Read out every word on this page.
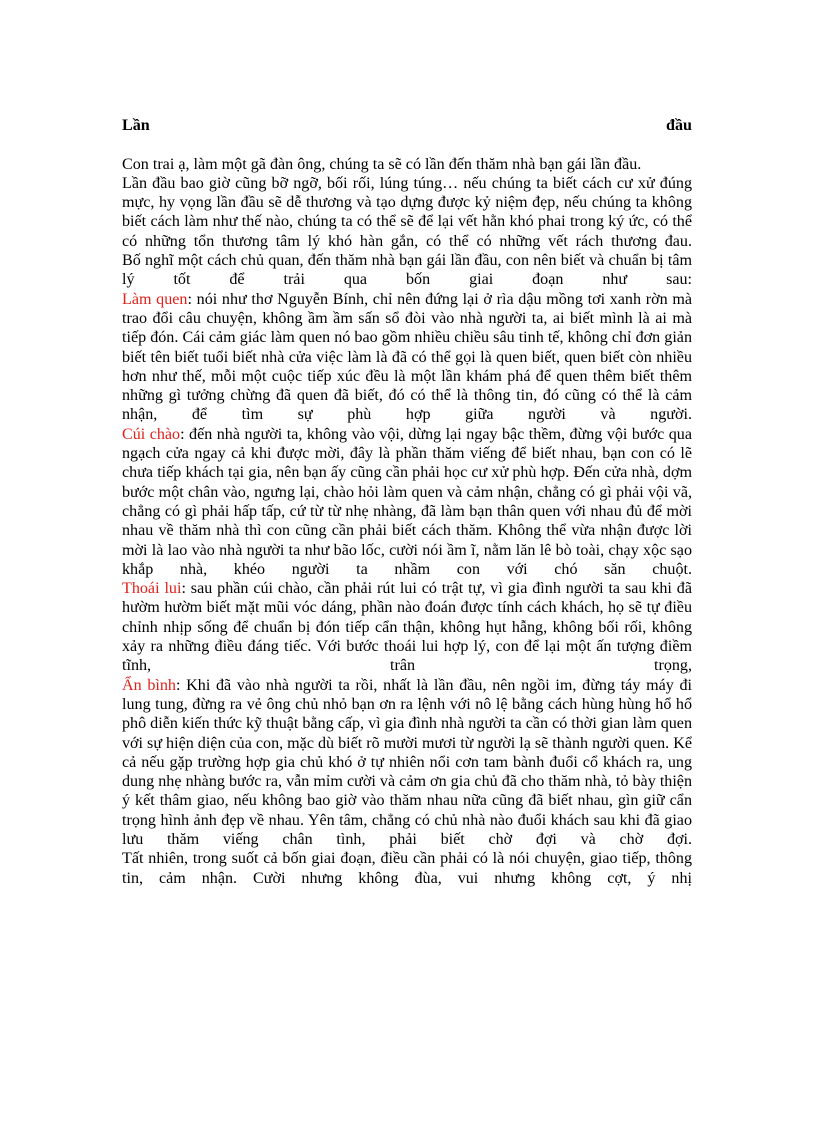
Lần	đầu

Con trai ạ, làm một gã đàn ông, chúng ta sẽ có lần đến thăm nhà bạn gái lần đầu.

Lần đầu bao giờ cũng bỡ ngỡ, bối rối, lúng túng… nếu chúng ta biết cách cư xử đúng mực, hy vọng lần đầu sẽ dễ thương và tạo dựng được kỷ niệm đẹp, nếu chúng ta không biết cách làm như thế nào, chúng ta có thể sẽ để lại vết hằn khó phai trong ký ức, có thể có những tổn thương tâm lý khó hàn gắn, có thể có những vết rách thương đau.

Bố nghĩ một cách chủ quan, đến thăm nhà bạn gái lần đầu, con nên biết và chuẩn bị tâm lý tốt để trải qua bốn giai đoạn như sau:

Làm quen: nói như thơ Nguyễn Bính, chỉ nên đứng lại ở rìa dậu mồng tơi xanh rờn mà trao đổi câu chuyện, không ầm ầm sấn sổ đòi vào nhà người ta, ai biết mình là ai mà tiếp đón. Cái cảm giác làm quen nó bao gồm nhiều chiều sâu tinh tế, không chỉ đơn giản biết tên biết tuổi biết nhà cửa việc làm là đã có thể gọi là quen biết, quen biết còn nhiều hơn như thế, mỗi một cuộc tiếp xúc đều là một lần khám phá để quen thêm biết thêm những gì tưởng chừng đã quen đã biết, đó có thể là thông tin, đó cũng có thể là cảm nhận, để tìm sự phù hợp giữa người và người.

Cúi chào: đến nhà người ta, không vào vội, dừng lại ngay bậc thềm, đừng vội bước qua ngạch cửa ngay cả khi được mời, đây là phần thăm viếng để biết nhau, bạn con có lẽ chưa tiếp khách tại gia, nên bạn ấy cũng cần phải học cư xử phù hợp. Đến cửa nhà, dợm bước một chân vào, ngưng lại, chào hỏi làm quen và cảm nhận, chẳng có gì phải vội vã, chẳng có gì phải hấp tấp, cứ từ từ nhẹ nhàng, đã làm bạn thân quen với nhau đủ để mời nhau về thăm nhà thì con cũng cần phải biết cách thăm. Không thể vừa nhận được lời mời là lao vào nhà người ta như bão lốc, cười nói ầm ĩ, nằm lăn lê bò toài, chạy xộc sạo khắp nhà, khéo người ta nhầm con với chó săn chuột.

Thoái lui: sau phần cúi chào, cần phải rút lui có trật tự, vì gia đình người ta sau khi đã hườm hườm biết mặt mũi vóc dáng, phần nào đoán được tính cách khách, họ sẽ tự điều chỉnh nhịp sống để chuẩn bị đón tiếp cẩn thận, không hụt hẫng, không bối rối, không xảy ra những điều đáng tiếc. Với bước thoái lui hợp lý, con để lại một ấn tượng điềm tĩnh, trân trọng,

Ẩn bình: Khi đã vào nhà người ta rồi, nhất là lần đầu, nên ngồi im, đừng táy máy đi lung tung, đừng ra vẻ ông chủ nhỏ bạn ơn ra lệnh với nô lệ bằng cách hùng hùng hổ hổ phô diễn kiến thức kỹ thuật bằng cấp, vì gia đình nhà người ta cần có thời gian làm quen với sự hiện diện của con, mặc dù biết rõ mười mươi từ người lạ sẽ thành người quen. Kể cả nếu gặp trường hợp gia chủ khó ở tự nhiên nổi cơn tam bành đuổi cổ khách ra, ung dung nhẹ nhàng bước ra, vẫn mỉm cười và cảm ơn gia chủ đã cho thăm nhà, tỏ bày thiện ý kết thâm giao, nếu không bao giờ vào thăm nhau nữa cũng đã biết nhau, gìn giữ cẩn trọng hình ảnh đẹp về nhau. Yên tâm, chẳng có chủ nhà nào đuổi khách sau khi đã giao lưu thăm viếng chân tình, phải biết chờ đợi và chờ đợi.

Tất nhiên, trong suốt cả bốn giai đoạn, điều cần phải có là nói chuyện, giao tiếp, thông tin, cảm nhận. Cười nhưng không đùa, vui nhưng không cợt, ý nhị
